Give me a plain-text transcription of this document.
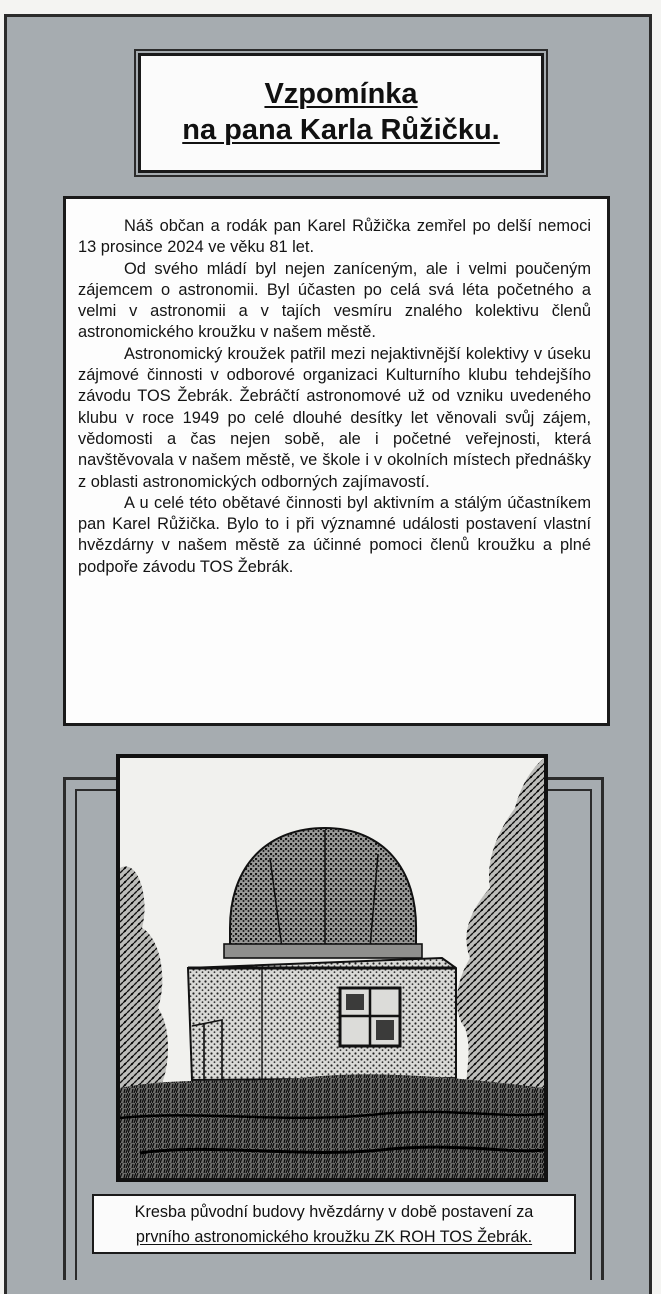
Vzpomínka
na pana Karla Růžičku.

Náš občan a rodák pan Karel Růžička zemřel po delší nemoci 13 prosince 2024 ve věku 81 let.

Od svého mládí byl nejen zaníceným, ale i velmi poučeným zájemcem o astronomii. Byl účasten po celá svá léta početného a velmi v astronomii a v tajích vesmíru znalého kolektivu členů astronomického kroužku v našem městě.

Astronomický kroužek patřil mezi nejaktivnější kolektivy v úseku zájmové činnosti v odborové organizaci Kulturního klubu tehdejšího závodu TOS Žebrák. Žebráčtí astronomové už od vzniku uvedeného klubu v roce 1949 po celé dlouhé desítky let věnovali svůj zájem, vědomosti a čas nejen sobě, ale i početné veřejnosti, která navštěvovala v našem městě, ve škole i v okolních místech přednášky z oblasti astronomických odborných zajímavostí.

A u celé této obětavé činnosti byl aktivním a stálým účastníkem pan Karel Růžička. Bylo to i při významné události postavení vlastní hvězdárny v našem městě za účinné pomoci členů kroužku a plné podpoře závodu TOS Žebrák.

Kresba původní budovy hvězdárny v době postavení za
prvního astronomického kroužku ZK ROH TOS Žebrák.
